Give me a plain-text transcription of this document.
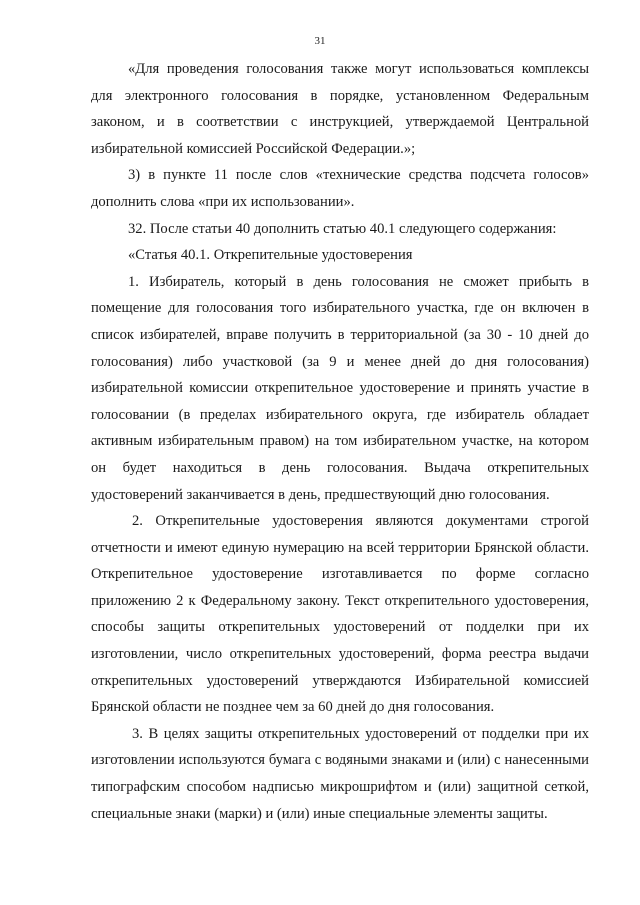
31

«Для проведения голосования также могут использоваться комплексы для электронного голосования в порядке, установленном Федеральным законом, и в соответствии с инструкцией, утверждаемой Центральной избирательной комиссией Российской Федерации.»;

3) в пункте 11 после слов «технические средства подсчета голосов» дополнить слова «при их использовании».

32. После статьи 40 дополнить статью 40.1 следующего содержания:

«Статья 40.1. Открепительные удостоверения

1. Избиратель, который в день голосования не сможет прибыть в помещение для голосования того избирательного участка, где он включен в список избирателей, вправе получить в территориальной (за 30 - 10 дней до голосования) либо участковой (за 9 и менее дней до дня голосования) избирательной комиссии открепительное удостоверение и принять участие в голосовании (в пределах избирательного округа, где избиратель обладает активным избирательным правом) на том избирательном участке, на котором он будет находиться в день голосования. Выдача открепительных удостоверений заканчивается в день, предшествующий дню голосования.

2. Открепительные удостоверения являются документами строгой отчетности и имеют единую нумерацию на всей территории Брянской области. Открепительное удостоверение изготавливается по форме согласно приложению 2 к Федеральному закону. Текст открепительного удостоверения, способы защиты открепительных удостоверений от подделки при их изготовлении, число открепительных удостоверений, форма реестра выдачи открепительных удостоверений утверждаются Избирательной комиссией Брянской области не позднее чем за 60 дней до дня голосования.

3. В целях защиты открепительных удостоверений от подделки при их изготовлении используются бумага с водяными знаками и (или) с нанесенными типографским способом надписью микрошрифтом и (или) защитной сеткой, специальные знаки (марки) и (или) иные специальные элементы защиты.
